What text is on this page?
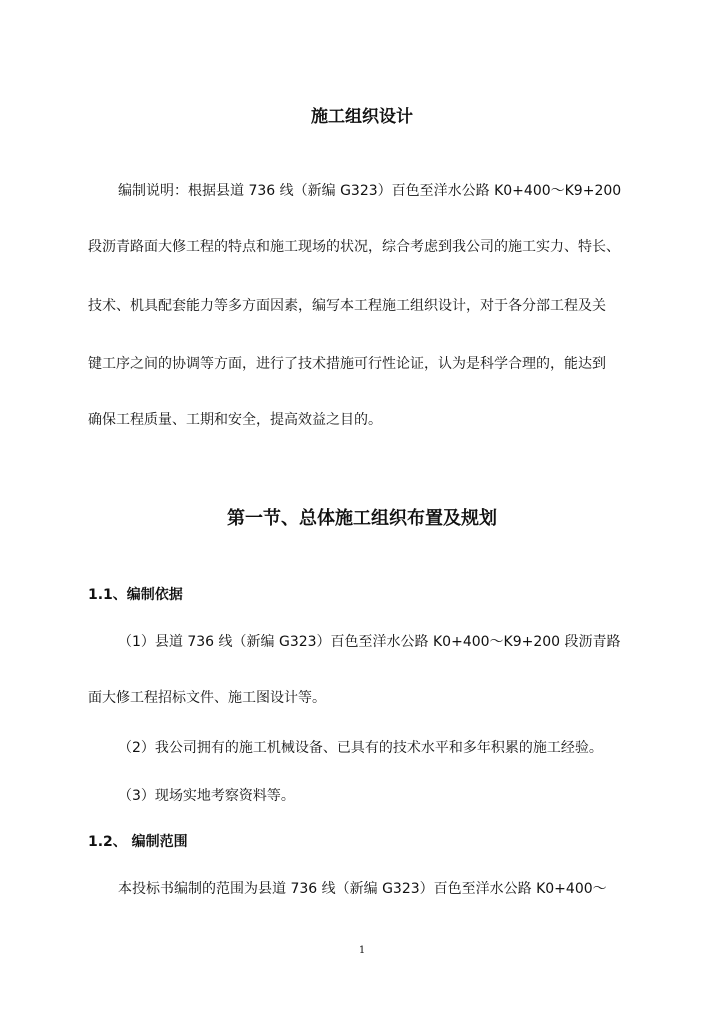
施工组织设计
编制说明：根据县道 736 线（新编 G323）百色至洋水公路 K0+400～K9+200
段沥青路面大修工程的特点和施工现场的状况，综合考虑到我公司的施工实力、特长、
技术、机具配套能力等多方面因素，编写本工程施工组织设计，对于各分部工程及关
键工序之间的协调等方面，进行了技术措施可行性论证，认为是科学合理的，能达到
确保工程质量、工期和安全，提高效益之目的。
第一节、总体施工组织布置及规划
1.1、编制依据
（1）县道 736 线（新编 G323）百色至洋水公路 K0+400～K9+200 段沥青路
面大修工程招标文件、施工图设计等。
（2）我公司拥有的施工机械设备、已具有的技术水平和多年积累的施工经验。
（3）现场实地考察资料等。
1.2、 编制范围
本投标书编制的范围为县道 736 线（新编 G323）百色至洋水公路 K0+400～
1
